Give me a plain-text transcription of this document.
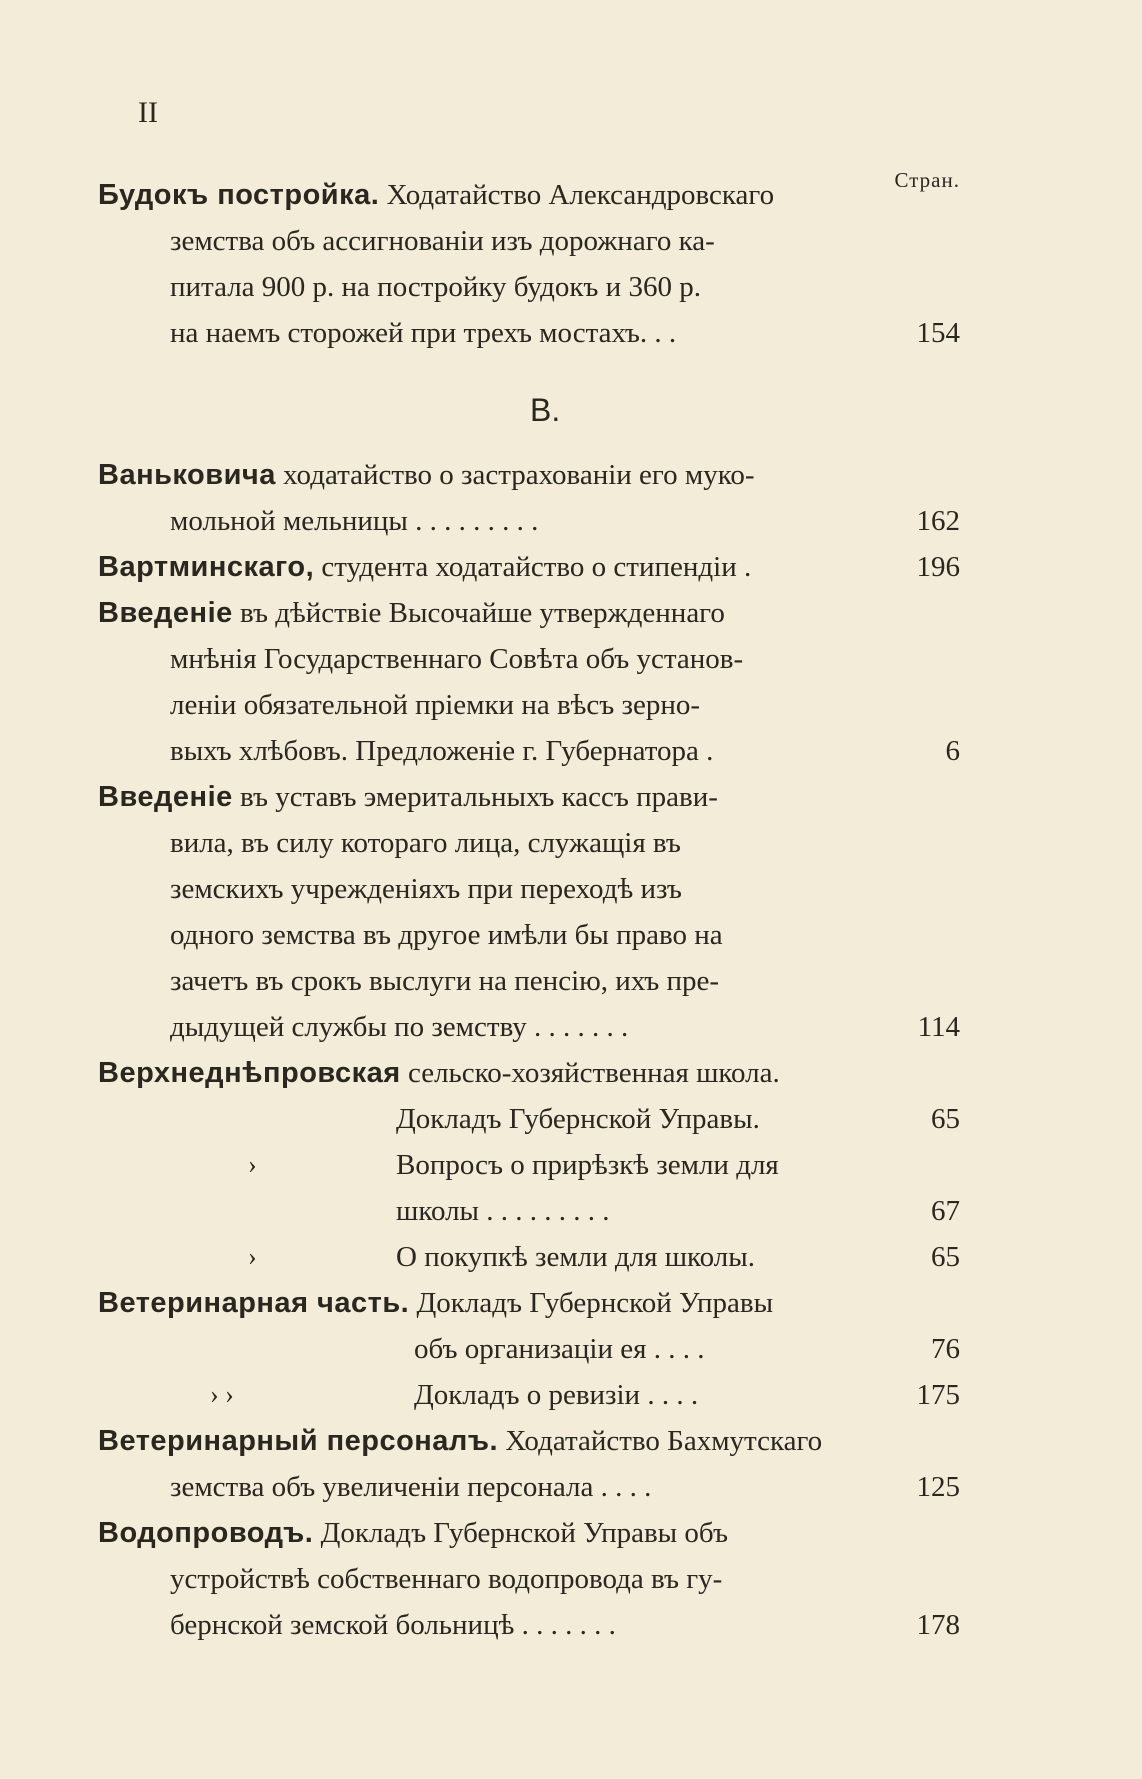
II
Стран.
Будокъ постройка. Ходатайство Александровскаго
земства объ ассигнованіи изъ дорожнаго ка-
питала 900 р. на постройку будокъ и 360 р.
на наемъ сторожей при трехъ мостахъ. . .	154
В.
Ваньковича ходатайство о застрахованіи его муко-
мольной мельницы . . . . . . . . .	162
Вартминскаго, студента ходатайство о стипендіи .	196
Введеніе въ дѣйствіе Высочайше утвержденнаго
мнѣнія Государственнаго Совѣта объ установ-
леніи обязательной пріемки на вѣсъ зерно-
выхъ хлѣбовъ. Предложеніе г. Губернатора .	6
Введеніе въ уставъ эмеритальныхъ кассъ прави-
вила, въ силу котораго лица, служащія въ
земскихъ учрежденіяхъ при переходѣ изъ
одного земства въ другое имѣли бы право на
зачетъ въ срокъ выслуги на пенсію, ихъ пре-
дыдущей службы по земству . . . . . . .	114
Верхнеднѣпровская сельско-хозяйственная школа.
Докладъ Губернской Управы.	65
›	Вопросъ о прирѣзкѣ земли для
школы . . . . . . . . .	67
›	О покупкѣ земли для школы.	65
Ветеринарная часть. Докладъ Губернской Управы
объ организаціи ея . . . .	76
› ›	Докладъ о ревизіи . . . .	175
Ветеринарный персоналъ. Ходатайство Бахмутскаго
земства объ увеличеніи персонала . . . .	125
Водопроводъ. Докладъ Губернской Управы объ
устройствѣ собственнаго водопровода въ гу-
бернской земской больницѣ . . . . . . .	178
